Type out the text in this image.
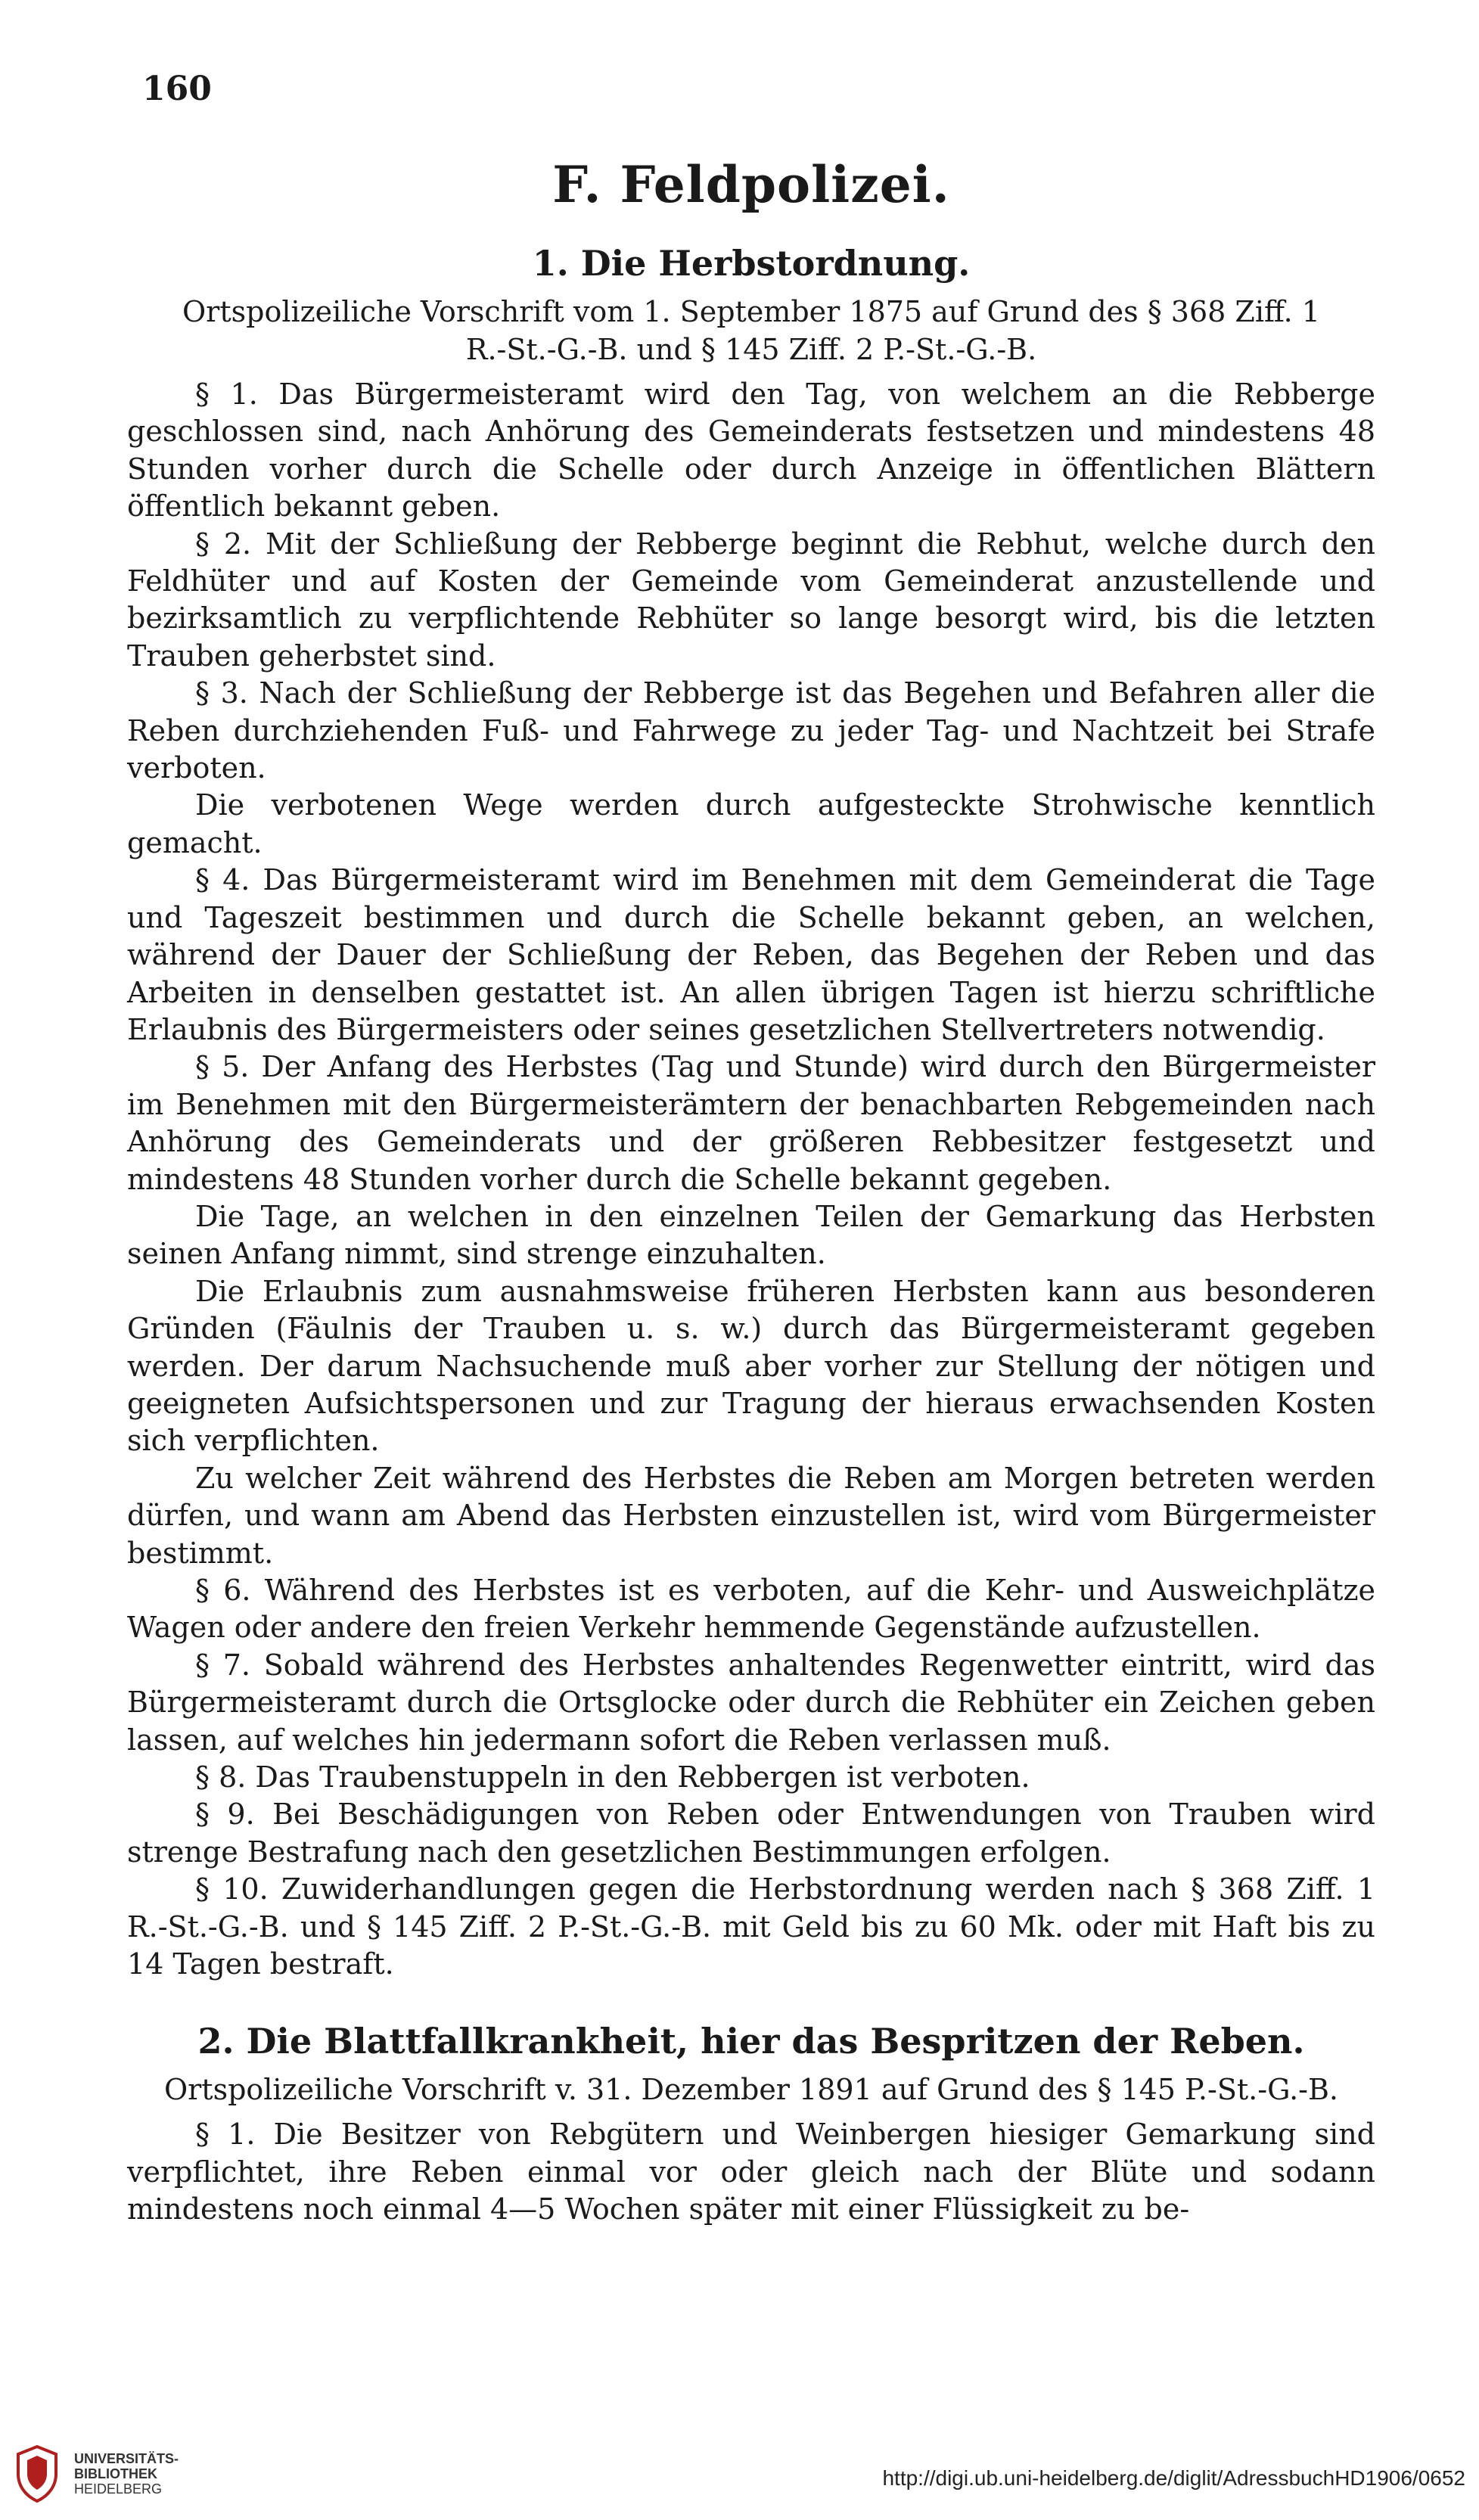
160
F. Feldpolizei.
1. Die Herbstordnung.
Ortspolizeiliche Vorschrift vom 1. September 1875 auf Grund des § 368 Ziff. 1
R.-St.-G.-B. und § 145 Ziff. 2 P.-St.-G.-B.

§ 1. Das Bürgermeisteramt wird den Tag, von welchem an die Rebberge geschlossen sind, nach Anhörung des Gemeinderats festsetzen und mindestens 48 Stunden vorher durch die Schelle oder durch Anzeige in öffentlichen Blättern öffentlich bekannt geben.

§ 2. Mit der Schließung der Rebberge beginnt die Rebhut, welche durch den Feldhüter und auf Kosten der Gemeinde vom Gemeinderat anzustellende und bezirksamtlich zu verpflichtende Rebhüter so lange besorgt wird, bis die letzten Trauben geherbstet sind.

§ 3. Nach der Schließung der Rebberge ist das Begehen und Befahren aller die Reben durchziehenden Fuß- und Fahrwege zu jeder Tag- und Nachtzeit bei Strafe verboten.

Die verbotenen Wege werden durch aufgesteckte Strohwische kenntlich gemacht.

§ 4. Das Bürgermeisteramt wird im Benehmen mit dem Gemeinderat die Tage und Tageszeit bestimmen und durch die Schelle bekannt geben, an welchen, während der Dauer der Schließung der Reben, das Begehen der Reben und das Arbeiten in denselben gestattet ist. An allen übrigen Tagen ist hierzu schriftliche Erlaubnis des Bürgermeisters oder seines gesetzlichen Stellvertreters notwendig.

§ 5. Der Anfang des Herbstes (Tag und Stunde) wird durch den Bürgermeister im Benehmen mit den Bürgermeisterämtern der benachbarten Rebgemeinden nach Anhörung des Gemeinderats und der größeren Rebbesitzer festgesetzt und mindestens 48 Stunden vorher durch die Schelle bekannt gegeben.

Die Tage, an welchen in den einzelnen Teilen der Gemarkung das Herbsten seinen Anfang nimmt, sind strenge einzuhalten.

Die Erlaubnis zum ausnahmsweise früheren Herbsten kann aus besonderen Gründen (Fäulnis der Trauben u. s. w.) durch das Bürgermeisteramt gegeben werden. Der darum Nachsuchende muß aber vorher zur Stellung der nötigen und geeigneten Aufsichtspersonen und zur Tragung der hieraus erwachsenden Kosten sich verpflichten.

Zu welcher Zeit während des Herbstes die Reben am Morgen betreten werden dürfen, und wann am Abend das Herbsten einzustellen ist, wird vom Bürgermeister bestimmt.

§ 6. Während des Herbstes ist es verboten, auf die Kehr- und Ausweichplätze Wagen oder andere den freien Verkehr hemmende Gegenstände aufzustellen.

§ 7. Sobald während des Herbstes anhaltendes Regenwetter eintritt, wird das Bürgermeisteramt durch die Ortsglocke oder durch die Rebhüter ein Zeichen geben lassen, auf welches hin jedermann sofort die Reben verlassen muß.

§ 8. Das Traubenstuppeln in den Rebbergen ist verboten.

§ 9. Bei Beschädigungen von Reben oder Entwendungen von Trauben wird strenge Bestrafung nach den gesetzlichen Bestimmungen erfolgen.

§ 10. Zuwiderhandlungen gegen die Herbstordnung werden nach § 368 Ziff. 1 R.-St.-G.-B. und § 145 Ziff. 2 P.-St.-G.-B. mit Geld bis zu 60 Mk. oder mit Haft bis zu 14 Tagen bestraft.

2. Die Blattfallkrankheit, hier das Bespritzen der Reben.
Ortspolizeiliche Vorschrift v. 31. Dezember 1891 auf Grund des § 145 P.-St.-G.-B.

§ 1. Die Besitzer von Rebgütern und Weinbergen hiesiger Gemarkung sind verpflichtet, ihre Reben einmal vor oder gleich nach der Blüte und sodann mindestens noch einmal 4—5 Wochen später mit einer Flüssigkeit zu be-

UNIVERSITÄTS-
BIBLIOTHEK
HEIDELBERG	http://digi.ub.uni-heidelberg.de/diglit/AdressbuchHD1906/0652
